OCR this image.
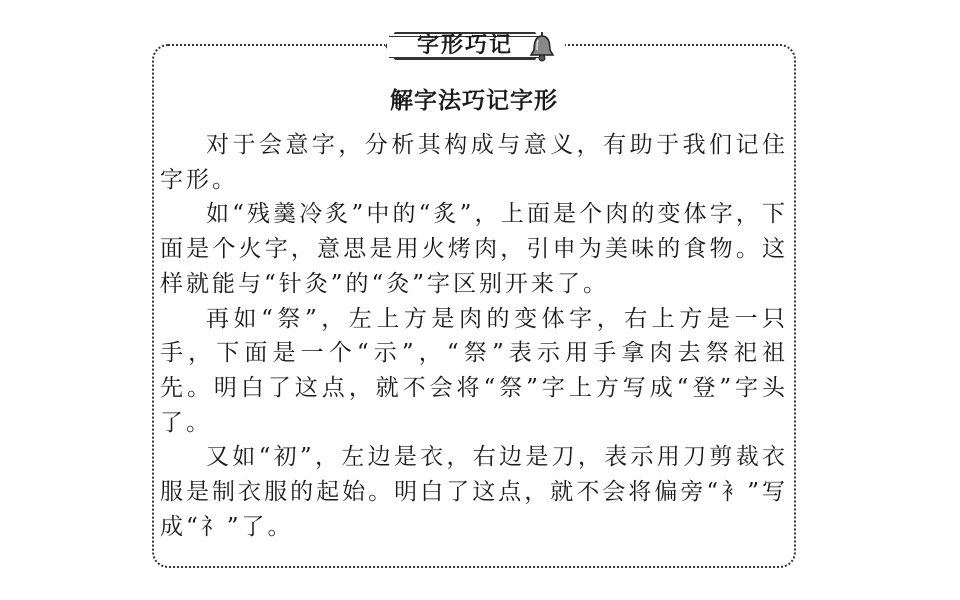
字形巧记
解字法巧记字形

对于会意字，分析其构成与意义，有助于我们记住字形。

如“残羹冷炙”中的“炙”，上面是个肉的变体字，下面是个火字，意思是用火烤肉，引申为美味的食物。这样就能与“针灸”的“灸”字区别开来了。

再如“祭”，左上方是肉的变体字，右上方是一只手，下面是一个“示”，“祭”表示用手拿肉去祭祀祖先。明白了这点，就不会将“祭”字上方写成“登”字头了。

又如“初”，左边是衣，右边是刀，表示用刀剪裁衣服是制衣服的起始。明白了这点，就不会将偏旁“衤”写成“礻”了。
